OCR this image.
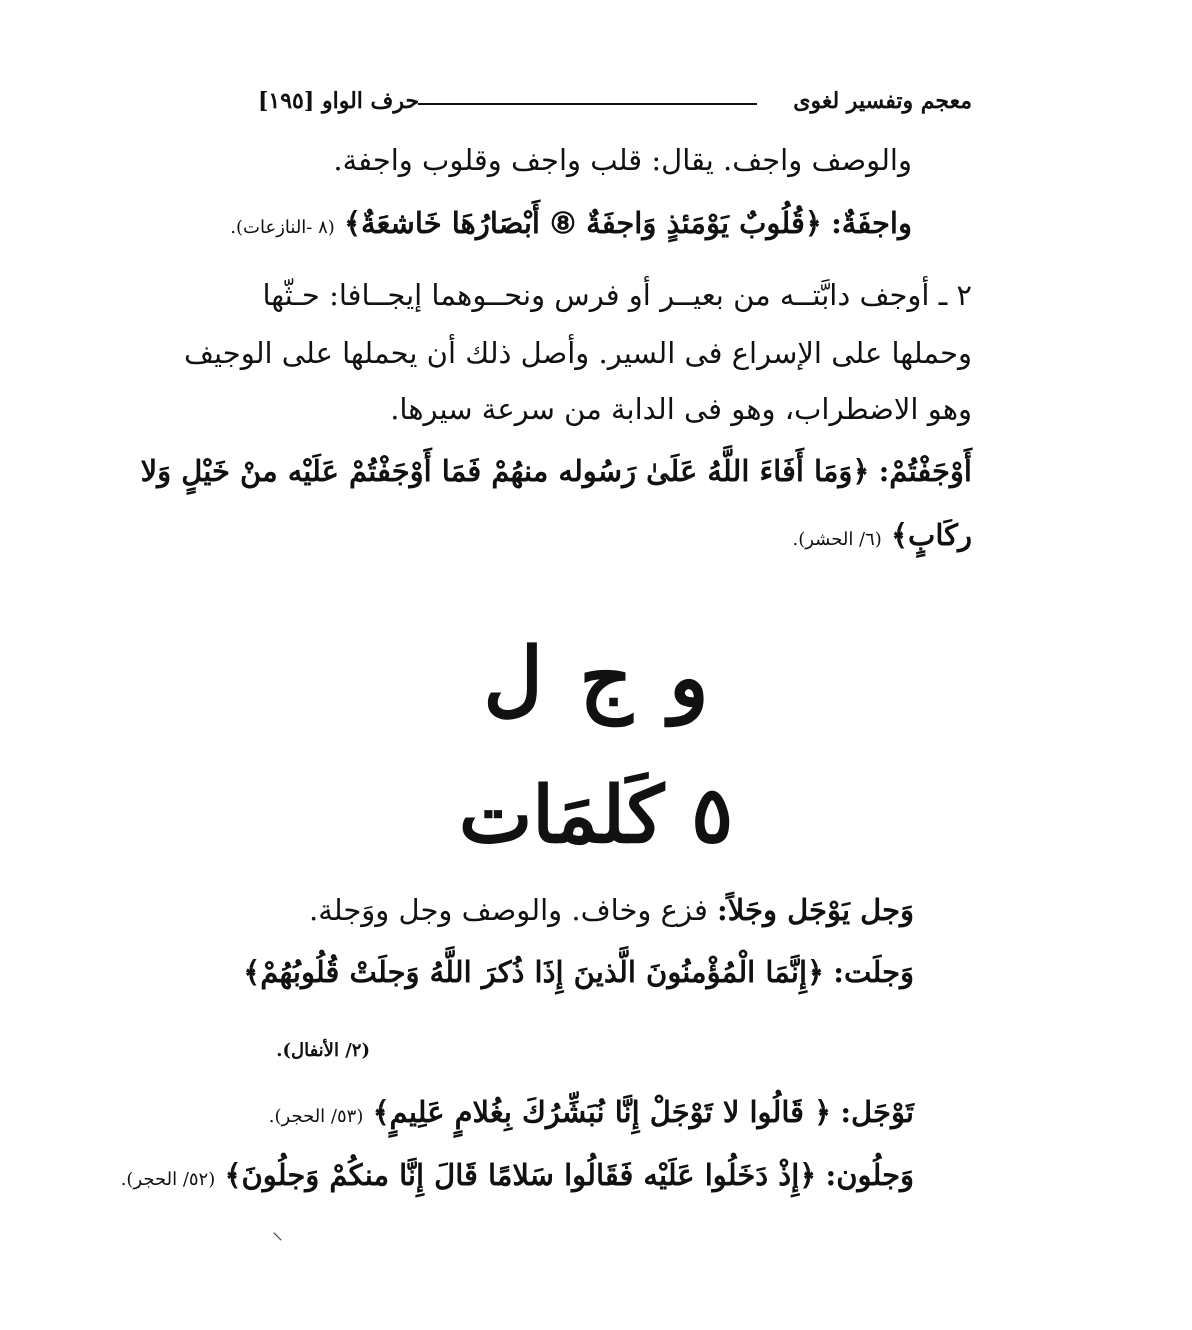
معجم وتفسير لغوى
حرف الواو [١٩٥]
والوصف واجف. يقال: قلب واجف وقلوب واجفة.
واجفَةٌ: ﴿قُلُوبٌ يَوْمَئذٍ وَاجفَةٌ ⑧ أَبْصَارُهَا خَاشعَةٌ﴾ (٨ -النازعات).
٢ ـ أوجف دابَّتــه من بعيــر أو فرس ونحــوهما إيجــافا: حـثّها
وحملها على الإسراع فى السير. وأصل ذلك أن يحملها على الوجيف
وهو الاضطراب، وهو فى الدابة من سرعة سيرها.
أَوْجَفْتُمْ: ﴿وَمَا أَفَاءَ اللَّهُ عَلَىٰ رَسُوله منهُمْ فَمَا أَوْجَفْتُمْ عَلَيْه منْ خَيْلٍ وَلا
ركَابٍ﴾ (٦/ الحشر).
و ج ل
٥ كَلمَات
وَجل يَوْجَل وجَلاً: فزع وخاف. والوصف وجل ووَجلة.
وَجلَت: ﴿إِنَّمَا الْمُؤْمنُونَ الَّذينَ إِذَا ذُكرَ اللَّهُ وَجلَتْ قُلُوبُهُمْ﴾
(٢/ الأنفال).
تَوْجَل: ﴿ قَالُوا لا تَوْجَلْ إِنَّا نُبَشِّرُكَ بِغُلامٍ عَلِيمٍ﴾ (٥٣/ الحجر).
وَجلُون: ﴿إِذْ دَخَلُوا عَلَيْه فَقَالُوا سَلامًا قَالَ إِنَّا منكُمْ وَجلُونَ﴾ (٥٢/ الحجر).
⸌
